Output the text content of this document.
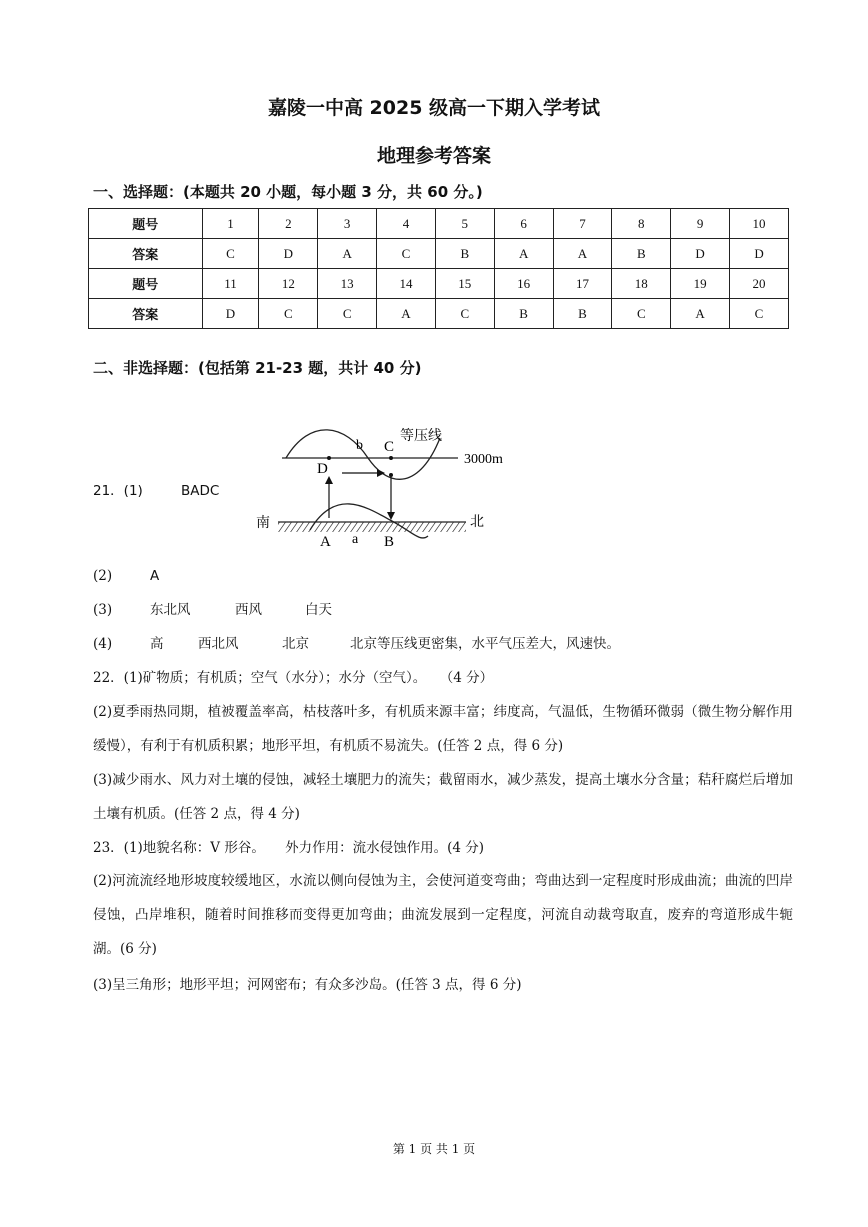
嘉陵一中高 2025 级高一下期入学考试
地理参考答案
一、选择题：(本题共 20 小题，每小题 3 分，共 60 分。)
题号	1	2	3	4	5	6	7	8	9	10
答案	C	D	A	C	B	A	A	B	D	D
题号	11	12	13	14	15	16	17	18	19	20
答案	D	C	C	A	C	B	B	C	A	C
二、非选择题：(包括第 21-23 题，共计 40 分)
等压线
3000m
b C
D
南	北
A a B
21．(1)	BADC
(2)	A
(3)	东北风	西风	白天
(4)	高	西北风	北京	北京等压线更密集，水平气压差大，风速快。
22．(1)矿物质；有机质；空气（水分）；水分（空气）。　　（4 分）
(2)夏季雨热同期，植被覆盖率高，枯枝落叶多，有机质来源丰富；纬度高，气温低，生物循环微弱（微生物分解作用缓慢），有利于有机质积累；地形平坦，有机质不易流失。(任答 2 点，得 6 分)
(3)减少雨水、风力对土壤的侵蚀，减轻土壤肥力的流失；截留雨水，减少蒸发，提高土壤水分含量；秸秆腐烂后增加土壤有机质。(任答 2 点，得 4 分)
23．(1)地貌名称：V 形谷。　　外力作用：流水侵蚀作用。(4 分)
(2)河流流经地形坡度较缓地区，水流以侧向侵蚀为主，会使河道变弯曲；弯曲达到一定程度时形成曲流；曲流的凹岸侵蚀，凸岸堆积，随着时间推移而变得更加弯曲；曲流发展到一定程度，河流自动裁弯取直，废弃的弯道形成牛轭湖。(6 分)
(3)呈三角形；地形平坦；河网密布；有众多沙岛。(任答 3 点，得 6 分)
第 1 页 共 1 页
